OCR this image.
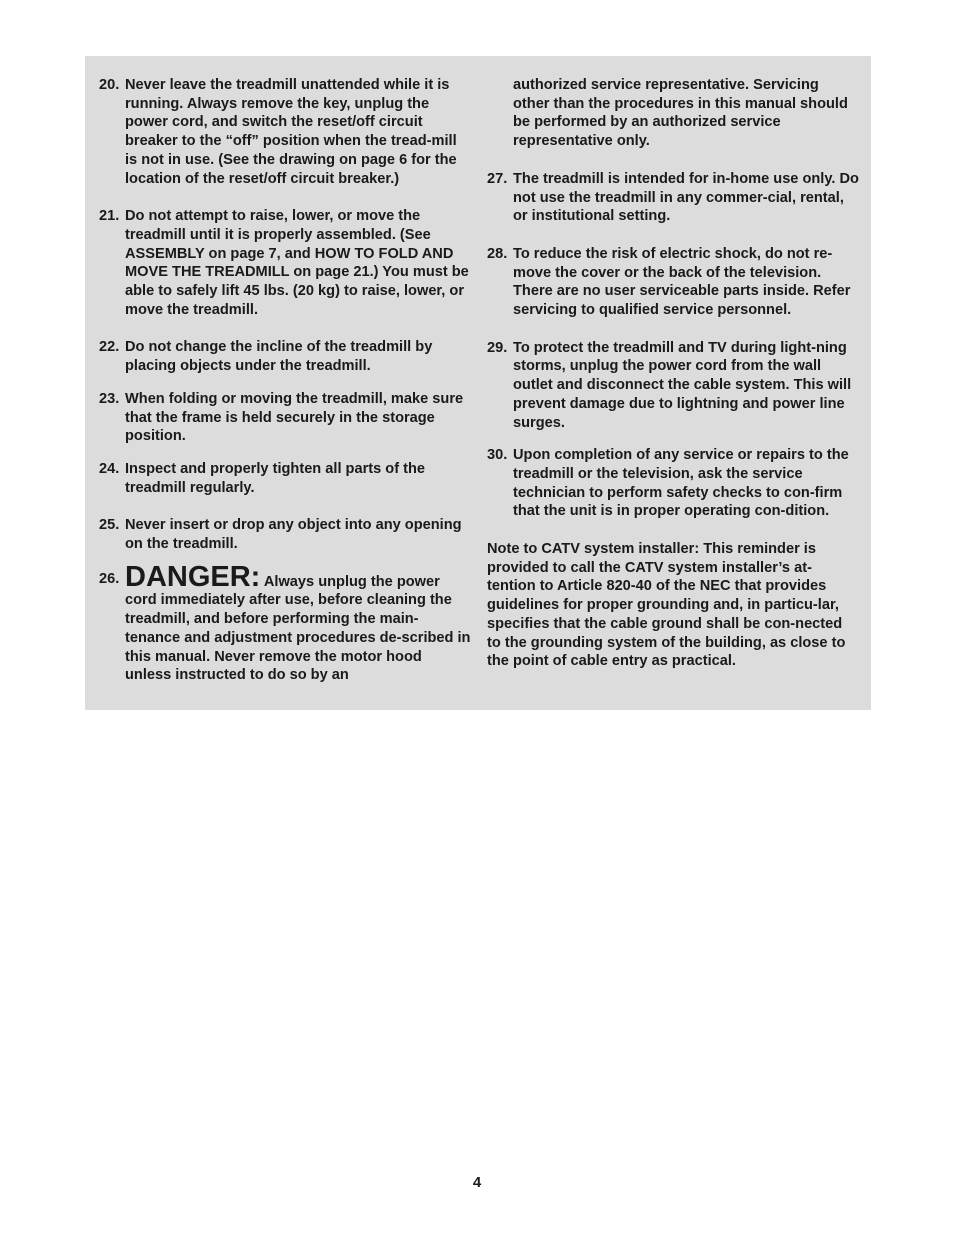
20. Never leave the treadmill unattended while it is running. Always remove the key, unplug the power cord, and switch the reset/off circuit breaker to the “off” position when the tread-mill is not in use. (See the drawing on page 6 for the location of the reset/off circuit breaker.)

21. Do not attempt to raise, lower, or move the treadmill until it is properly assembled. (See ASSEMBLY on page 7, and HOW TO FOLD AND MOVE THE TREADMILL on page 21.) You must be able to safely lift 45 lbs. (20 kg) to raise, lower, or move the treadmill.

22. Do not change the incline of the treadmill by placing objects under the treadmill.

23. When folding or moving the treadmill, make sure that the frame is held securely in the storage position.

24. Inspect and properly tighten all parts of the treadmill regularly.

25. Never insert or drop any object into any opening on the treadmill.

26. DANGER: Always unplug the power cord immediately after use, before cleaning the treadmill, and before performing the main-tenance and adjustment procedures de-scribed in this manual. Never remove the motor hood unless instructed to do so by an

authorized service representative. Servicing other than the procedures in this manual should be performed by an authorized service representative only.

27. The treadmill is intended for in-home use only. Do not use the treadmill in any commer-cial, rental, or institutional setting.

28. To reduce the risk of electric shock, do not re-move the cover or the back of the television. There are no user serviceable parts inside. Refer servicing to qualified service personnel.

29. To protect the treadmill and TV during light-ning storms, unplug the power cord from the wall outlet and disconnect the cable system. This will prevent damage due to lightning and power line surges.

30. Upon completion of any service or repairs to the treadmill or the television, ask the service technician to perform safety checks to con-firm that the unit is in proper operating con-dition.

Note to CATV system installer: This reminder is provided to call the CATV system installer’s at-tention to Article 820-40 of the NEC that provides guidelines for proper grounding and, in particu-lar, specifies that the cable ground shall be con-nected to the grounding system of the building, as close to the point of cable entry as practical.

4
